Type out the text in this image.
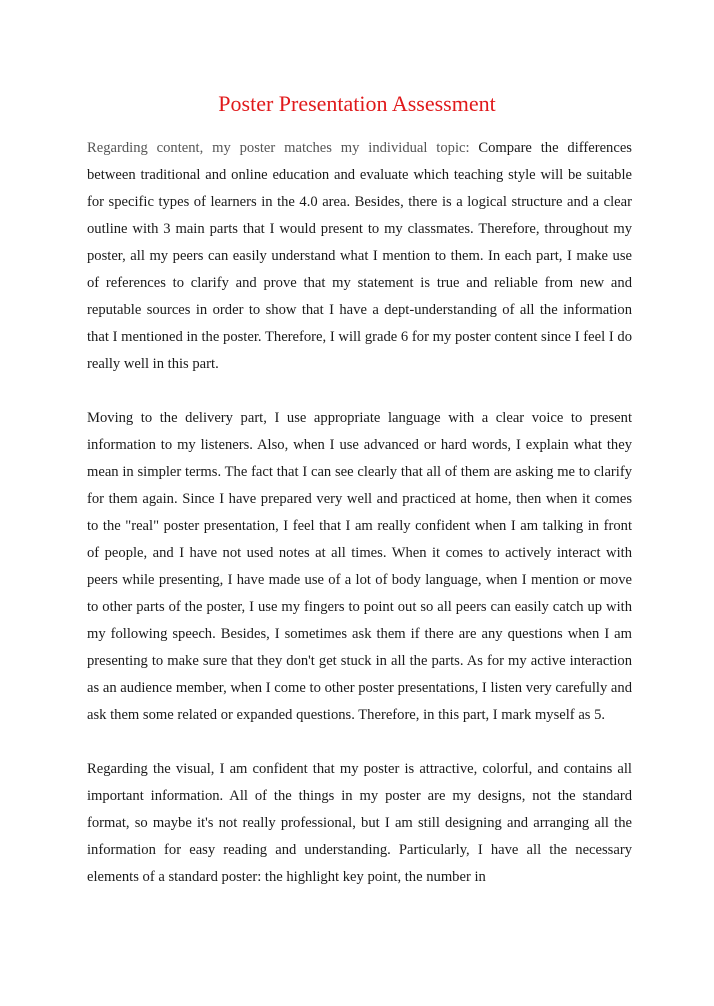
Poster Presentation Assessment

Regarding content, my poster matches my individual topic: Compare the differences between traditional and online education and evaluate which teaching style will be suitable for specific types of learners in the 4.0 area. Besides, there is a logical structure and a clear outline with 3 main parts that I would present to my classmates. Therefore, throughout my poster, all my peers can easily understand what I mention to them. In each part, I make use of references to clarify and prove that my statement is true and reliable from new and reputable sources in order to show that I have a dept-understanding of all the information that I mentioned in the poster. Therefore, I will grade 6 for my poster content since I feel I do really well in this part.

Moving to the delivery part, I use appropriate language with a clear voice to present information to my listeners. Also, when I use advanced or hard words, I explain what they mean in simpler terms. The fact that I can see clearly that all of them are asking me to clarify for them again. Since I have prepared very well and practiced at home, then when it comes to the "real" poster presentation, I feel that I am really confident when I am talking in front of people, and I have not used notes at all times. When it comes to actively interact with peers while presenting, I have made use of a lot of body language, when I mention or move to other parts of the poster, I use my fingers to point out so all peers can easily catch up with my following speech. Besides, I sometimes ask them if there are any questions when I am presenting to make sure that they don't get stuck in all the parts. As for my active interaction as an audience member, when I come to other poster presentations, I listen very carefully and ask them some related or expanded questions. Therefore, in this part, I mark myself as 5.

Regarding the visual, I am confident that my poster is attractive, colorful, and contains all important information. All of the things in my poster are my designs, not the standard format, so maybe it's not really professional, but I am still designing and arranging all the information for easy reading and understanding. Particularly, I have all the necessary elements of a standard poster: the highlight key point, the number in
